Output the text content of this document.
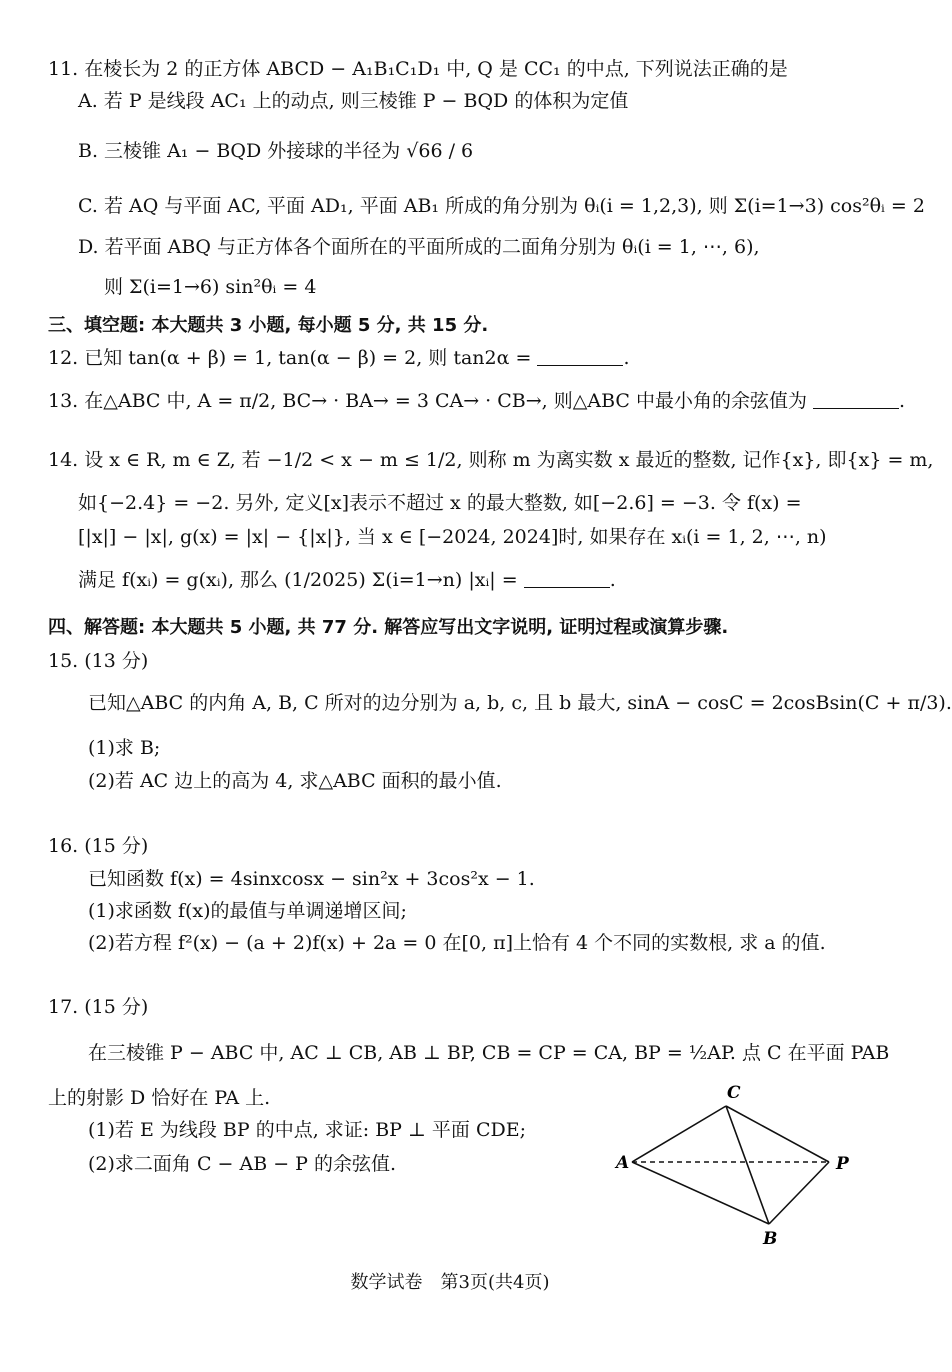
11. 在棱长为 2 的正方体 ABCD − A₁B₁C₁D₁ 中, Q 是 CC₁ 的中点, 下列说法正确的是
A. 若 P 是线段 AC₁ 上的动点, 则三棱锥 P − BQD 的体积为定值
B. 三棱锥 A₁ − BQD 外接球的半径为 √66 / 6
C. 若 AQ 与平面 AC, 平面 AD₁, 平面 AB₁ 所成的角分别为 θᵢ(i = 1,2,3), 则 Σ(i=1→3) cos²θᵢ = 2
D. 若平面 ABQ 与正方体各个面所在的平面所成的二面角分别为 θᵢ(i = 1, ⋯, 6),
则 Σ(i=1→6) sin²θᵢ = 4
三、填空题: 本大题共 3 小题, 每小题 5 分, 共 15 分.
12. 已知 tan(α + β) = 1, tan(α − β) = 2, 则 tan2α =	.
13. 在△ABC 中, A = π/2, BC→ · BA→ = 3 CA→ · CB→, 则△ABC 中最小角的余弦值为	.
14. 设 x ∈ R, m ∈ Z, 若 −1/2 < x − m ≤ 1/2, 则称 m 为离实数 x 最近的整数, 记作{x}, 即{x} = m,
如{−2.4} = −2. 另外, 定义[x]表示不超过 x 的最大整数, 如[−2.6] = −3. 令 f(x) =
[|x|] − |x|, g(x) = |x| − {|x|}, 当 x ∈ [−2024, 2024]时, 如果存在 xᵢ(i = 1, 2, ⋯, n)
满足 f(xᵢ) = g(xᵢ), 那么 (1/2025) Σ(i=1→n) |xᵢ| =	.
四、解答题: 本大题共 5 小题, 共 77 分. 解答应写出文字说明, 证明过程或演算步骤.
15. (13 分)
已知△ABC 的内角 A, B, C 所对的边分别为 a, b, c, 且 b 最大, sinA − cosC = 2cosBsin(C + π/3).
(1)求 B;
(2)若 AC 边上的高为 4, 求△ABC 面积的最小值.
16. (15 分)
已知函数 f(x) = 4sinxcosx − sin²x + 3cos²x − 1.
(1)求函数 f(x)的最值与单调递增区间;
(2)若方程 f²(x) − (a + 2)f(x) + 2a = 0 在[0, π]上恰有 4 个不同的实数根, 求 a 的值.
17. (15 分)
在三棱锥 P − ABC 中, AC ⊥ CB, AB ⊥ BP, CB = CP = CA, BP = ½AP. 点 C 在平面 PAB
上的射影 D 恰好在 PA 上.
(1)若 E 为线段 BP 的中点, 求证: BP ⊥ 平面 CDE;
(2)求二面角 C − AB − P 的余弦值.
C
A	P
B
数学试卷　第3页(共4页)
